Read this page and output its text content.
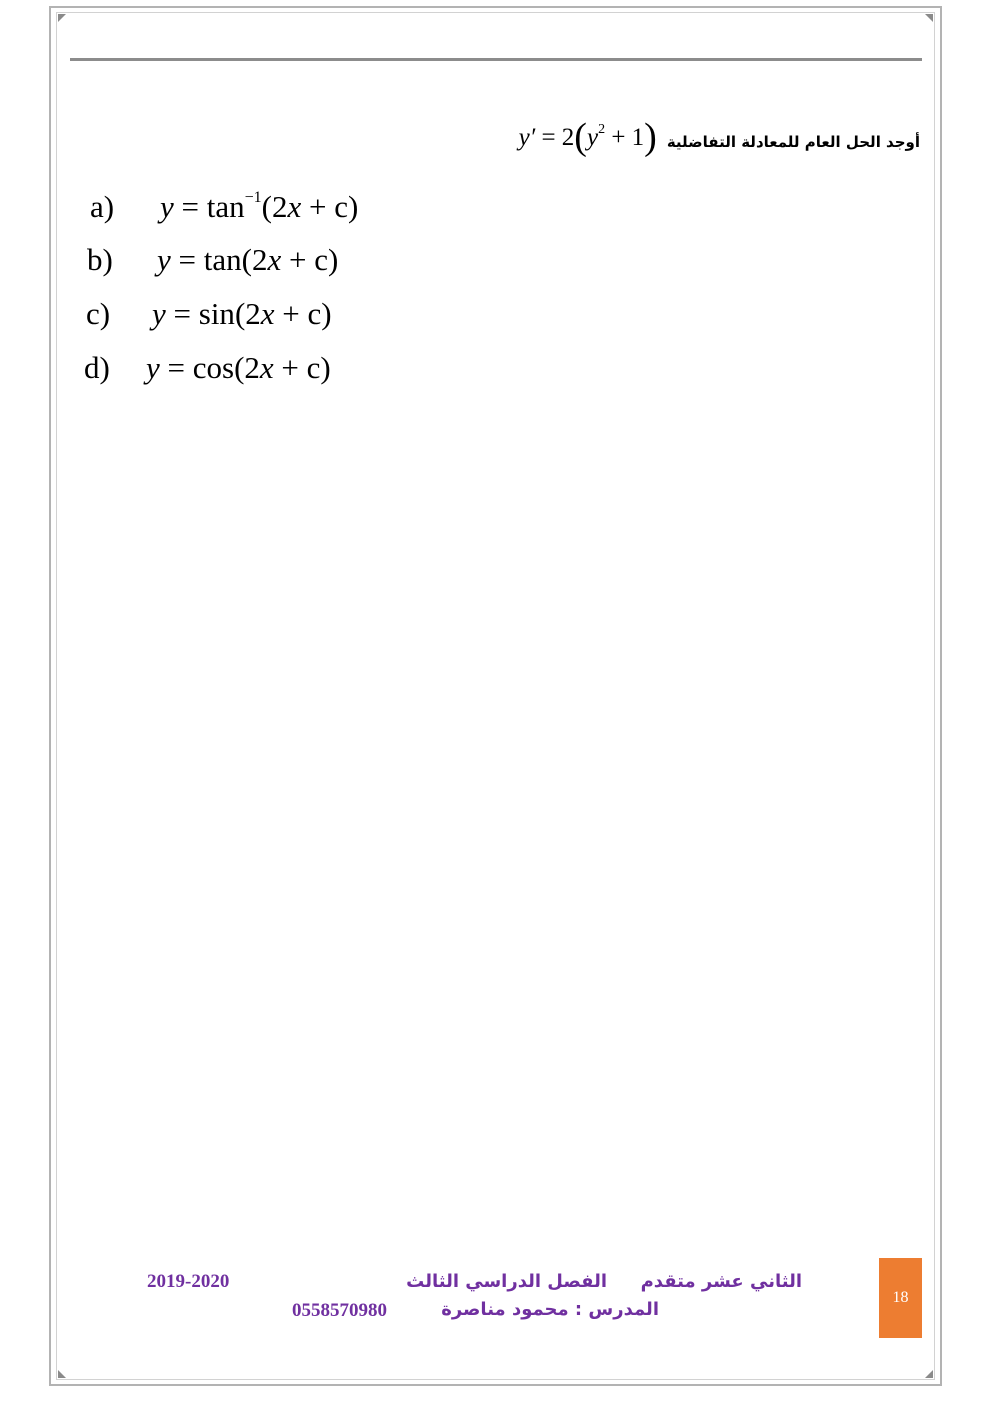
$y' = 2(y^2 + 1)$ أوجد الحل العام للمعادلة التفاضلية
a) $y = \tan^{-1}(2x + c)$
b) y = tan(2x + c)
c) y = sin(2x + c)
d) y = cos(2x + c)
الثاني عشر متقدم
الفصل الدراسي الثالث
2019-2020
المدرس : محمود مناصرة
0558570980
18
